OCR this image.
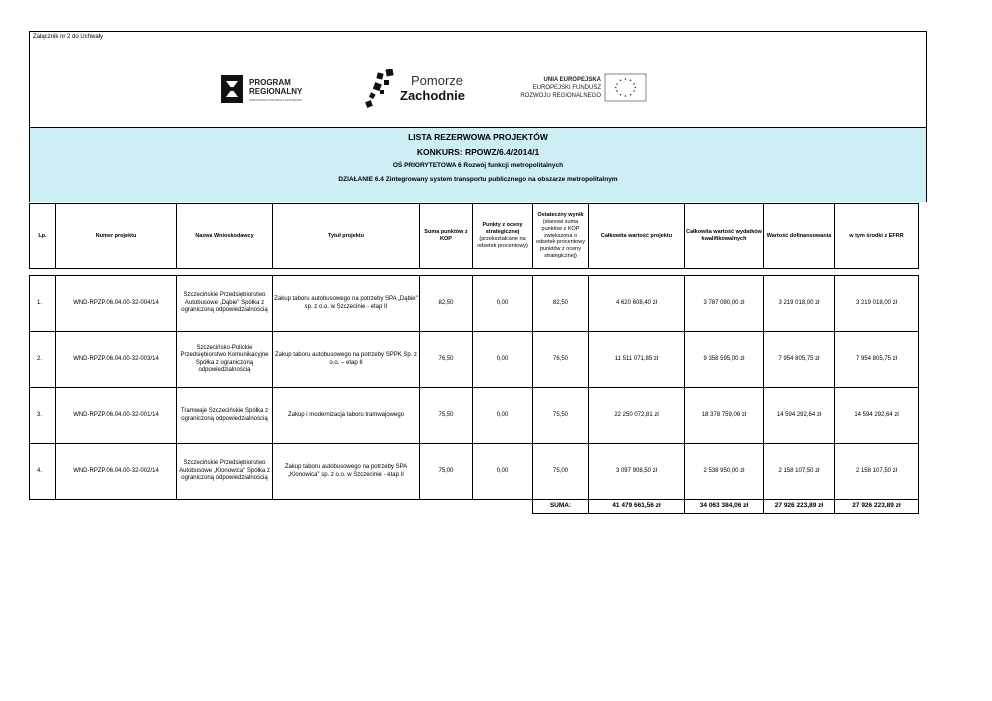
Załącznik nr 2 do Uchwały
PROGRAM
REGIONALNY
NARODOWA STRATEGIA SPÓJNOŚCI
Pomorze
Zachodnie
UNIA EUROPEJSKA
EUROPEJSKI FUNDUSZ
ROZWOJU REGIONALNEGO
LISTA REZERWOWA PROJEKTÓW
KONKURS: RPOWZ/6.4/2014/1
OŚ PRIORYTETOWA 6 Rozwój funkcji metropolitalnych
DZIAŁANIE 6.4 Zintegrowany system transportu publicznego na obszarze metropolitalnym
Lp.	Numer projektu	Nazwa Wnioskodawcy	Tytuł projektu	Suma punktów z KOP	Punkty z oceny strategicznej (przekształcane na odsetek procentowy)	Ostateczny wynik (stanowi suma punktów z KOP zwiększona o odsetek procentowy punktów z oceny strategicznej)	Całkowita wartość projektu	Całkowita wartość wydatków kwalifikowalnych	Wartość dofinansowania	w tym środki z EFRR

1.	WND-RPZP.06.04.00-32-004/14	Szczecińskie Przedsiębiorstwo Autobusowe „Dąbie" Spółka z ograniczoną odpowiedzialnością	Zakup taboru autobusowego na potrzeby SPA „Dąbie" sp. z o.o. w Szczecinie - etap II	82,50	0,00	82,50	4 620 608,40 zł	3 787 080,00 zł	3 219 018,00 zł	3 219 018,00 zł
2.	WND-RPZP.06.04.00-32-003/14	Szczecińsko-Polickie Przedsiębiorstwo Komunikacyjne Spółka z ograniczoną odpowiedzialnością	Zakup taboru autobusowego na potrzeby SPPK Sp. z o.o. – etap II	76,50	0,00	76,50	11 511 071,85 zł	9 358 595,00 zł	7 954 805,75 zł	7 954 805,75 zł
3.	WND-RPZP.06.04.00-32-001/14	Tramwaje Szczecińskie Spółka z ograniczoną odpowiedzialnością	Zakup i modernizacja taboru tramwajowego	75,50	0,00	75,50	22 250 072,81 zł	18 378 759,06 zł	14 594 292,64 zł	14 594 292,64 zł
4.	WND-RPZP.06.04.00-32-002/14	Szczecińskie Przedsiębiorstwo Autobusowe „Klonowica" Spółka z ograniczoną odpowiedzialnością	Zakup taboru autobusowego na potrzeby SPA „Klonowica" sp. z o.o. w Szczecinie - etap II	75,00	0,00	75,00	3 097 908,50 zł	2 538 950,00 zł	2 158 107,50 zł	2 158 107,50 zł
						SUMA:	41 479 661,56 zł	34 063 384,06 zł	27 926 223,89 zł	27 926 223,89 zł
